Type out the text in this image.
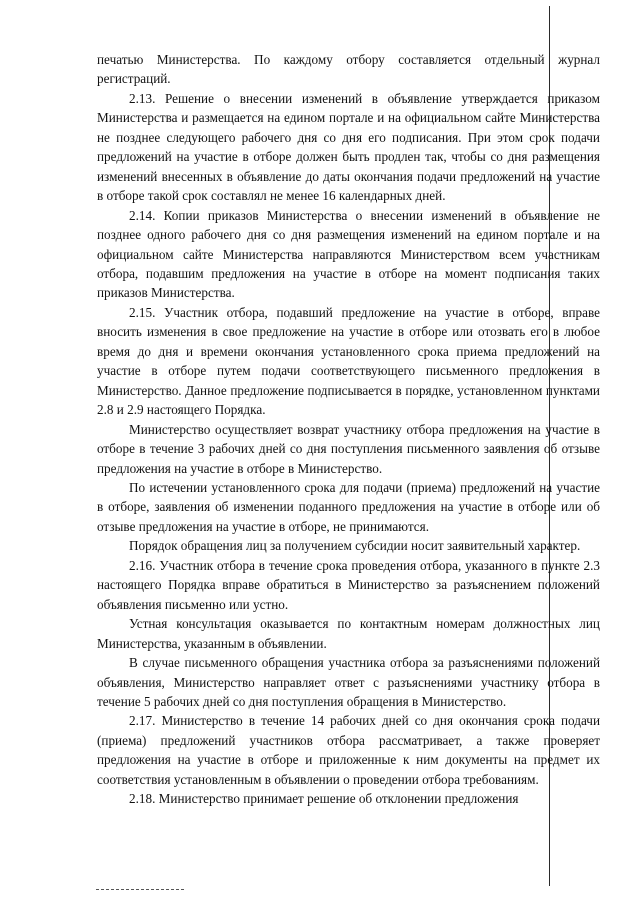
печатью Министерства. По каждому отбору составляется отдельный журнал регистраций.

2.13. Решение о внесении изменений в объявление утверждается приказом Министерства и размещается на едином портале и на официальном сайте Министерства не позднее следующего рабочего дня со дня его подписания. При этом срок подачи предложений на участие в отборе должен быть продлен так, чтобы со дня размещения изменений внесенных в объявление до даты окончания подачи предложений на участие в отборе такой срок составлял не менее 16 календарных дней.

2.14. Копии приказов Министерства о внесении изменений в объявление не позднее одного рабочего дня со дня размещения изменений на едином портале и на официальном сайте Министерства направляются Министерством всем участникам отбора, подавшим предложения на участие в отборе на момент подписания таких приказов Министерства.

2.15. Участник отбора, подавший предложение на участие в отборе, вправе вносить изменения в свое предложение на участие в отборе или отозвать его в любое время до дня и времени окончания установленного срока приема предложений на участие в отборе путем подачи соответствующего письменного предложения в Министерство. Данное предложение подписывается в порядке, установленном пунктами 2.8 и 2.9 настоящего Порядка.

Министерство осуществляет возврат участнику отбора предложения на участие в отборе в течение 3 рабочих дней со дня поступления письменного заявления об отзыве предложения на участие в отборе в Министерство.

По истечении установленного срока для подачи (приема) предложений на участие в отборе, заявления об изменении поданного предложения на участие в отборе или об отзыве предложения на участие в отборе, не принимаются.

Порядок обращения лиц за получением субсидии носит заявительный характер.

2.16. Участник отбора в течение срока проведения отбора, указанного в пункте 2.3 настоящего Порядка вправе обратиться в Министерство за разъяснением положений объявления письменно или устно.

Устная консультация оказывается по контактным номерам должностных лиц Министерства, указанным в объявлении.

В случае письменного обращения участника отбора за разъяснениями положений объявления, Министерство направляет ответ с разъяснениями участнику отбора в течение 5 рабочих дней со дня поступления обращения в Министерство.

2.17. Министерство в течение 14 рабочих дней со дня окончания срока подачи (приема) предложений участников отбора рассматривает, а также проверяет предложения на участие в отборе и приложенные к ним документы на предмет их соответствия установленным в объявлении о проведении отбора требованиям.

2.18. Министерство принимает решение об отклонении предложения
